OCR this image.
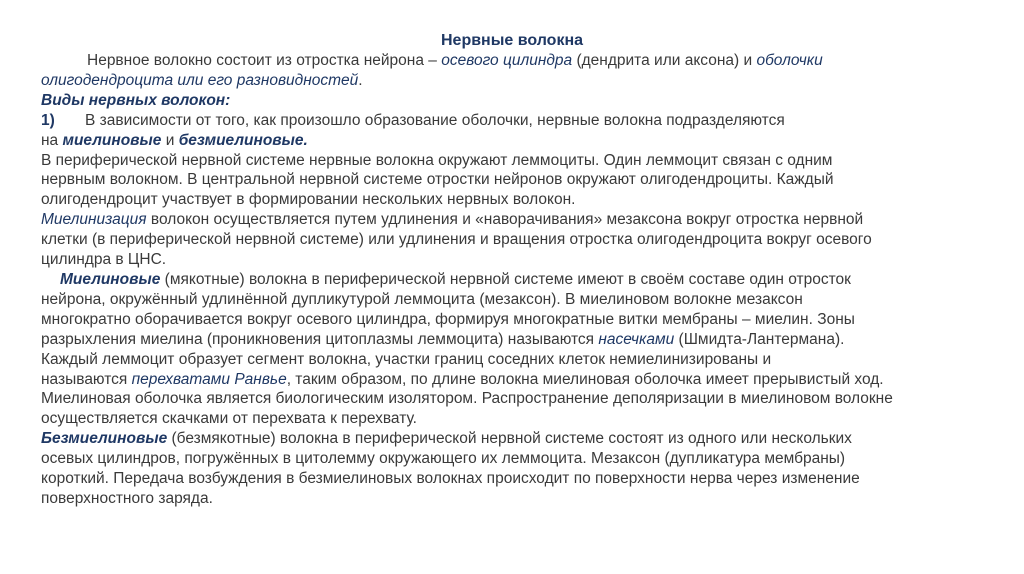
Нервные волокна
Нервное волокно состоит из отростка нейрона – осевого цилиндра (дендрита или аксона) и оболочки
олигодендроцита или его разновидностей.
Виды нервных волокон:
1) В зависимости от того, как произошло образование оболочки, нервные волокна подразделяются
на миелиновые и безмиелиновые.
В периферической нервной системе нервные волокна окружают леммоциты. Один леммоцит связан с одним
нервным волокном. В центральной нервной системе отростки нейронов окружают олигодендроциты. Каждый
олигодендроцит участвует в формировании нескольких нервных волокон.
Миелинизация волокон осуществляется путем удлинения и «наворачивания» мезаксона вокруг отростка нервной
клетки (в периферической нервной системе) или удлинения и вращения отростка олигодендроцита вокруг осевого
цилиндра в ЦНС.
Миелиновые (мякотные) волокна в периферической нервной системе имеют в своём составе один отросток
нейрона, окружённый удлинённой дупликутурой леммоцита (мезаксон). В миелиновом волокне мезаксон
многократно оборачивается вокруг осевого цилиндра, формируя многократные витки мембраны – миелин. Зоны
разрыхления миелина (проникновения цитоплазмы леммоцита) называются насечками (Шмидта-Лантермана).
Каждый леммоцит образует сегмент волокна, участки границ соседних клеток немиелинизированы и
называются перехватами Ранвье, таким образом, по длине волокна миелиновая оболочка имеет прерывистый ход.
Миелиновая оболочка является биологическим изолятором. Распространение деполяризации в миелиновом волокне
осуществляется скачками от перехвата к перехвату.
Безмиелиновые (безмякотные) волокна в периферической нервной системе состоят из одного или нескольких
осевых цилиндров, погружённых в цитолемму окружающего их леммоцита. Мезаксон (дупликатура мембраны)
короткий. Передача возбуждения в безмиелиновых волокнах происходит по поверхности нерва через изменение
поверхностного заряда.
